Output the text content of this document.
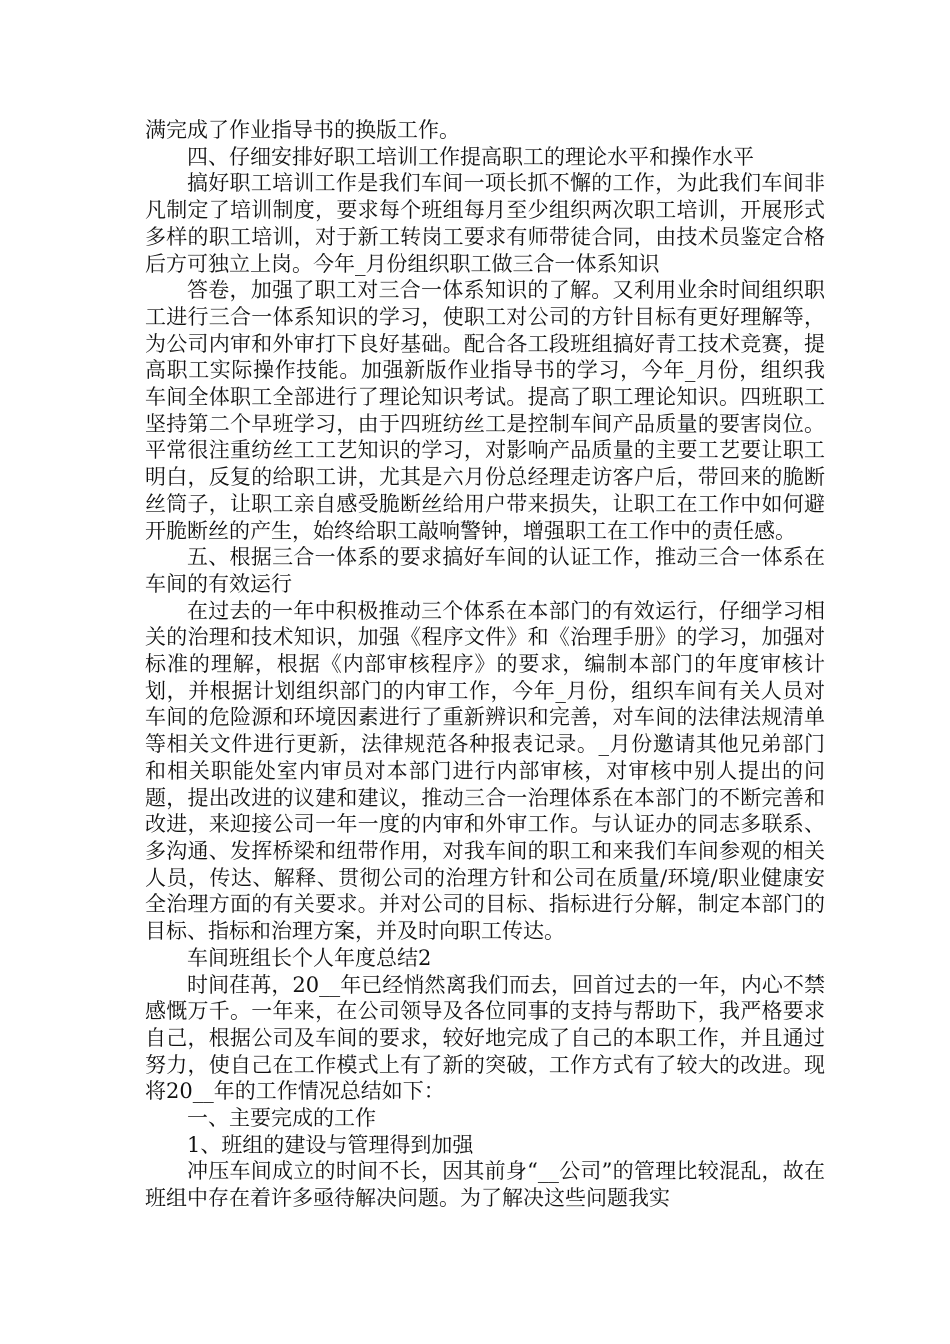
满完成了作业指导书的换版工作。

四、仔细安排好职工培训工作提高职工的理论水平和操作水平

搞好职工培训工作是我们车间一项长抓不懈的工作，为此我们车间非凡制定了培训制度，要求每个班组每月至少组织两次职工培训，开展形式多样的职工培训，对于新工转岗工要求有师带徒合同，由技术员鉴定合格后方可独立上岗。今年_月份组织职工做三合一体系知识

答卷，加强了职工对三合一体系知识的了解。又利用业余时间组织职工进行三合一体系知识的学习，使职工对公司的方针目标有更好理解等，为公司内审和外审打下良好基础。配合各工段班组搞好青工技术竞赛，提高职工实际操作技能。加强新版作业指导书的学习，今年_月份，组织我车间全体职工全部进行了理论知识考试。提高了职工理论知识。四班职工坚持第二个早班学习，由于四班纺丝工是控制车间产品质量的要害岗位。平常很注重纺丝工工艺知识的学习，对影响产品质量的主要工艺要让职工明白，反复的给职工讲，尤其是六月份总经理走访客户后，带回来的脆断丝筒子，让职工亲自感受脆断丝给用户带来损失，让职工在工作中如何避开脆断丝的产生，始终给职工敲响警钟，增强职工在工作中的责任感。

五、根据三合一体系的要求搞好车间的认证工作，推动三合一体系在车间的有效运行

在过去的一年中积极推动三个体系在本部门的有效运行，仔细学习相关的治理和技术知识，加强《程序文件》和《治理手册》的学习，加强对标准的理解，根据《内部审核程序》的要求，编制本部门的年度审核计划，并根据计划组织部门的内审工作，今年_月份，组织车间有关人员对车间的危险源和环境因素进行了重新辨识和完善，对车间的法律法规清单等相关文件进行更新，法律规范各种报表记录。_月份邀请其他兄弟部门和相关职能处室内审员对本部门进行内部审核，对审核中别人提出的问题，提出改进的议建和建议，推动三合一治理体系在本部门的不断完善和改进，来迎接公司一年一度的内审和外审工作。与认证办的同志多联系、多沟通、发挥桥梁和纽带作用，对我车间的职工和来我们车间参观的相关人员，传达、解释、贯彻公司的治理方针和公司在质量/环境/职业健康安全治理方面的有关要求。并对公司的目标、指标进行分解，制定本部门的目标、指标和治理方案，并及时向职工传达。

车间班组长个人年度总结2

时间荏苒，20__年已经悄然离我们而去，回首过去的一年，内心不禁感慨万千。一年来，在公司领导及各位同事的支持与帮助下，我严格要求自己，根据公司及车间的要求，较好地完成了自己的本职工作，并且通过努力，使自己在工作模式上有了新的突破，工作方式有了较大的改进。现将20__年的工作情况总结如下：

一、主要完成的工作

1、班组的建设与管理得到加强

冲压车间成立的时间不长，因其前身“__公司”的管理比较混乱，故在班组中存在着许多亟待解决问题。为了解决这些问题我实
